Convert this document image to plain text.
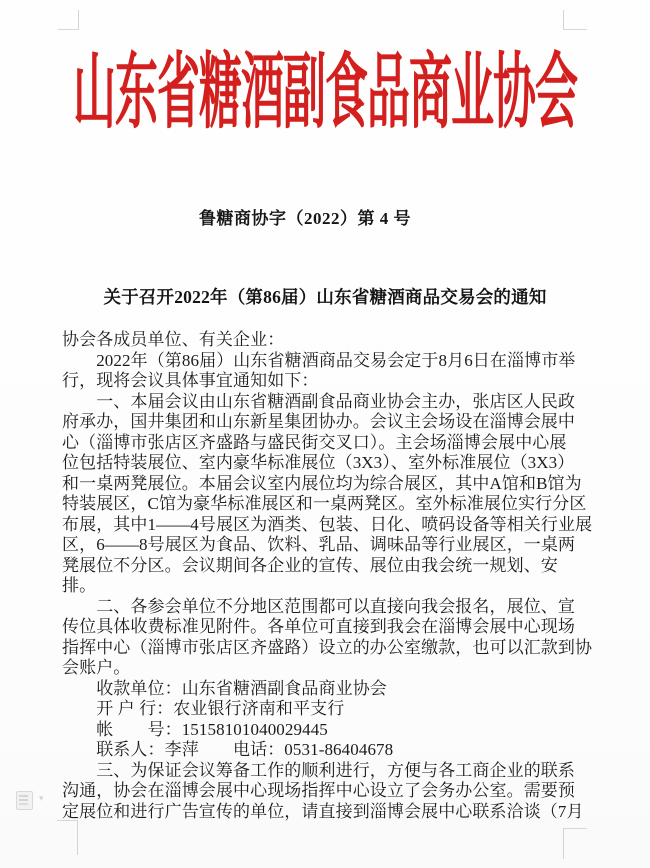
山东省糖酒副食品商业协会
鲁糖商协字（2022）第 4 号
关于召开2022年（第86届）山东省糖酒商品交易会的通知
协会各成员单位、有关企业：
　　2022年（第86届）山东省糖酒商品交易会定于8月6日在淄博市举
行，现将会议具体事宜通知如下：
　　一、本届会议由山东省糖酒副食品商业协会主办，张店区人民政
府承办，国井集团和山东新星集团协办。会议主会场设在淄博会展中
心（淄博市张店区齐盛路与盛民街交叉口）。主会场淄博会展中心展
位包括特装展位、室内豪华标准展位（3X3）、室外标准展位（3X3）
和一桌两凳展位。本届会议室内展位均为综合展区，其中A馆和B馆为
特装展区，C馆为豪华标准展区和一桌两凳区。室外标准展位实行分区
布展，其中1——4号展区为酒类、包装、日化、喷码设备等相关行业展
区，6——8号展区为食品、饮料、乳品、调味品等行业展区，一桌两
凳展位不分区。会议期间各企业的宣传、展位由我会统一规划、安
排。
　　二、各参会单位不分地区范围都可以直接向我会报名，展位、宣
传位具体收费标准见附件。各单位可直接到我会在淄博会展中心现场
指挥中心（淄博市张店区齐盛路）设立的办公室缴款，也可以汇款到协
会账户。
　　收款单位：山东省糖酒副食品商业协会
　　开 户 行：农业银行济南和平支行
　　帐　　号：15158101040029445
　　联系人：李萍　　电话：0531-86404678
　　三、为保证会议筹备工作的顺利进行，方便与各工商企业的联系
沟通，协会在淄博会展中心现场指挥中心设立了会务办公室。需要预
定展位和进行广告宣传的单位，请直接到淄博会展中心联系洽谈（7月
▾
